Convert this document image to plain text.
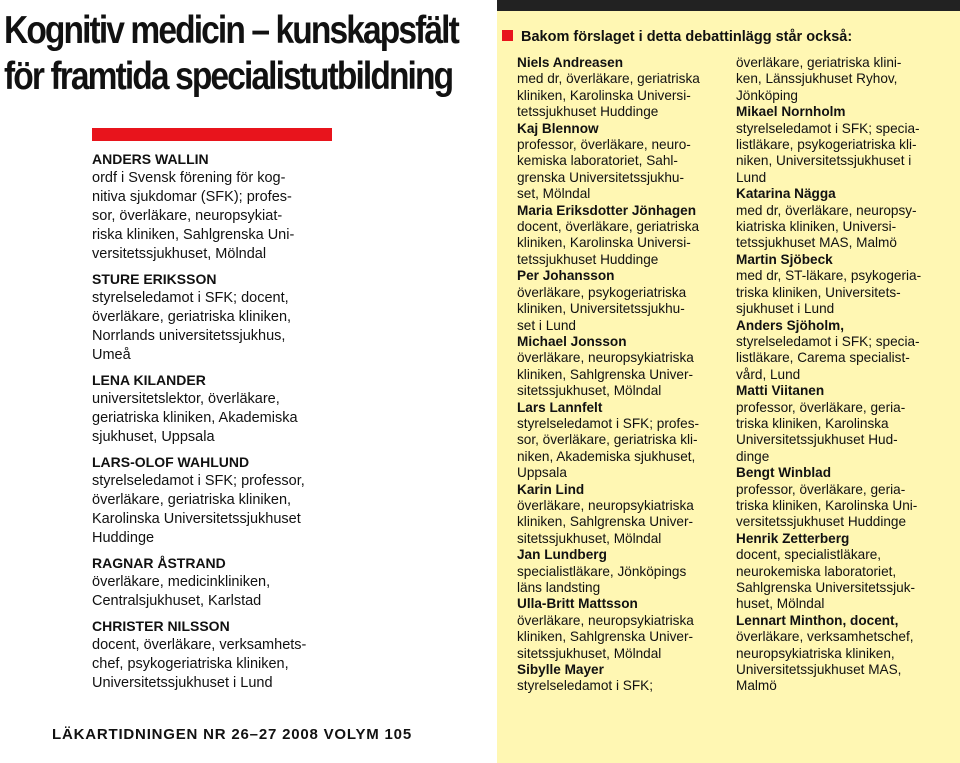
Kognitiv medicin – kunskapsfält
för framtida specialistutbildning
ANDERS WALLIN
ordf i Svensk förening för kog-
nitiva sjukdomar (SFK); profes-
sor, överläkare, neuropsykiat-
riska kliniken, Sahlgrenska Uni-
versitetssjukhuset, Mölndal
STURE ERIKSSON
styrelseledamot i SFK; docent,
överläkare, geriatriska kliniken,
Norrlands universitetssjukhus,
Umeå
LENA KILANDER
universitetslektor, överläkare,
geriatriska kliniken, Akademiska
sjukhuset, Uppsala
LARS-OLOF WAHLUND
styrelseledamot i SFK; professor,
överläkare, geriatriska kliniken,
Karolinska Universitetssjukhuset
Huddinge
RAGNAR ÅSTRAND
överläkare, medicinkliniken,
Centralsjukhuset, Karlstad
CHRISTER NILSSON
docent, överläkare, verksamhets-
chef, psykogeriatriska kliniken,
Universitetssjukhuset i Lund
LÄKARTIDNINGEN NR 26–27 2008 VOLYM 105
Bakom förslaget i detta debattinlägg står också:
Niels Andreasen
med dr, överläkare, geriatriska
kliniken, Karolinska Universi-
tetssjukhuset Huddinge
Kaj Blennow
professor, överläkare, neuro-
kemiska laboratoriet, Sahl-
grenska Universitetssjukhu-
set, Mölndal
Maria Eriksdotter Jönhagen
docent, överläkare, geriatriska
kliniken, Karolinska Universi-
tetssjukhuset Huddinge
Per Johansson
överläkare, psykogeriatriska
kliniken, Universitetssjukhu-
set i Lund
Michael Jonsson
överläkare, neuropsykiatriska
kliniken, Sahlgrenska Univer-
sitetssjukhuset, Mölndal
Lars Lannfelt
styrelseledamot i SFK; profes-
sor, överläkare, geriatriska kli-
niken, Akademiska sjukhuset,
Uppsala
Karin Lind
överläkare, neuropsykiatriska
kliniken, Sahlgrenska Univer-
sitetssjukhuset, Mölndal
Jan Lundberg
specialistläkare, Jönköpings
läns landsting
Ulla-Britt Mattsson
överläkare, neuropsykiatriska
kliniken, Sahlgrenska Univer-
sitetssjukhuset, Mölndal
Sibylle Mayer
styrelseledamot i SFK;
överläkare, geriatriska klini-
ken, Länssjukhuset Ryhov,
Jönköping
Mikael Nornholm
styrelseledamot i SFK; specia-
listläkare, psykogeriatriska kli-
niken, Universitetssjukhuset i
Lund
Katarina Nägga
med dr, överläkare, neuropsy-
kiatriska kliniken, Universi-
tetssjukhuset MAS, Malmö
Martin Sjöbeck
med dr, ST-läkare, psykogeria-
triska kliniken, Universitets-
sjukhuset i Lund
Anders Sjöholm,
styrelseledamot i SFK; specia-
listläkare, Carema specialist-
vård, Lund
Matti Viitanen
professor, överläkare, geria-
triska kliniken, Karolinska
Universitetssjukhuset Hud-
dinge
Bengt Winblad
professor, överläkare, geria-
triska kliniken, Karolinska Uni-
versitetssjukhuset Huddinge
Henrik Zetterberg
docent, specialistläkare,
neurokemiska laboratoriet,
Sahlgrenska Universitetssjuk-
huset, Mölndal
Lennart Minthon, docent,
överläkare, verksamhetschef,
neuropsykiatriska kliniken,
Universitetssjukhuset MAS,
Malmö
